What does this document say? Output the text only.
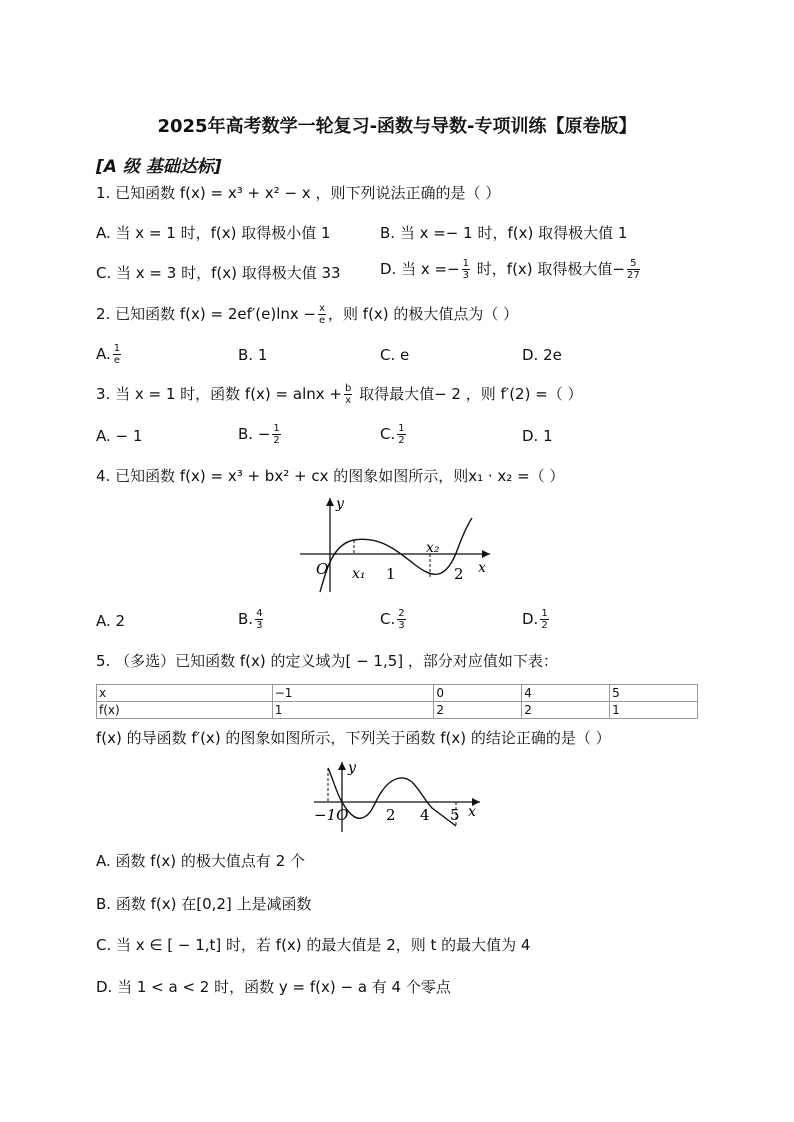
2025年高考数学一轮复习-函数与导数-专项训练【原卷版】
[A 级 基础达标]
1. 已知函数 f(x) = x³ + x² − x ，则下列说法正确的是（ ）
A. 当 x = 1 时，f(x) 取得极小值 1	B. 当 x =− 1 时，f(x) 取得极大值 1
C. 当 x = 3 时，f(x) 取得极大值 33	D. 当 $x =- \frac{1}{3}$ 时，f(x) 取得极大值− $\frac{5}{27}$
2. 已知函数 $f(x) = 2ef'(e)\ln x - \frac{x}{e}$ ，则 f(x) 的极大值点为（ ）
A. $\frac{1}{e}$	B. 1	C. e	D. 2e
3. 当 x = 1 时，函数 $f(x) = alnx + \frac{b}{x}$ 取得最大值− 2 ，则 f′(2) =（ ）
A. − 1	B. − $\frac{1}{2}$	C. $\frac{1}{2}$	D. 1
4. 已知函数 f(x) = x³ + bx² + cx 的图象如图所示，则x₁ · x₂ =（ ）
y
O x₁ 1
x₂
2 x
A. 2	B. $\frac{4}{3}$	C. $\frac{2}{3}$	D. $\frac{1}{2}$
5. （多选）已知函数 f(x) 的定义域为[ − 1,5] ，部分对应值如下表：
x	−1	0	4	5
f(x)	1	2	2	1
f(x) 的导函数 f′(x) 的图象如图所示，下列关于函数 f(x) 的结论正确的是（ ）
y
−1O	2 4 5 x
A. 函数 f(x) 的极大值点有 2 个
B. 函数 f(x) 在[0,2] 上是减函数
C. 当 x ∈ [ − 1,t] 时，若 f(x) 的最大值是 2，则 t 的最大值为 4
D. 当 1 < a < 2 时，函数 y = f(x) − a 有 4 个零点
